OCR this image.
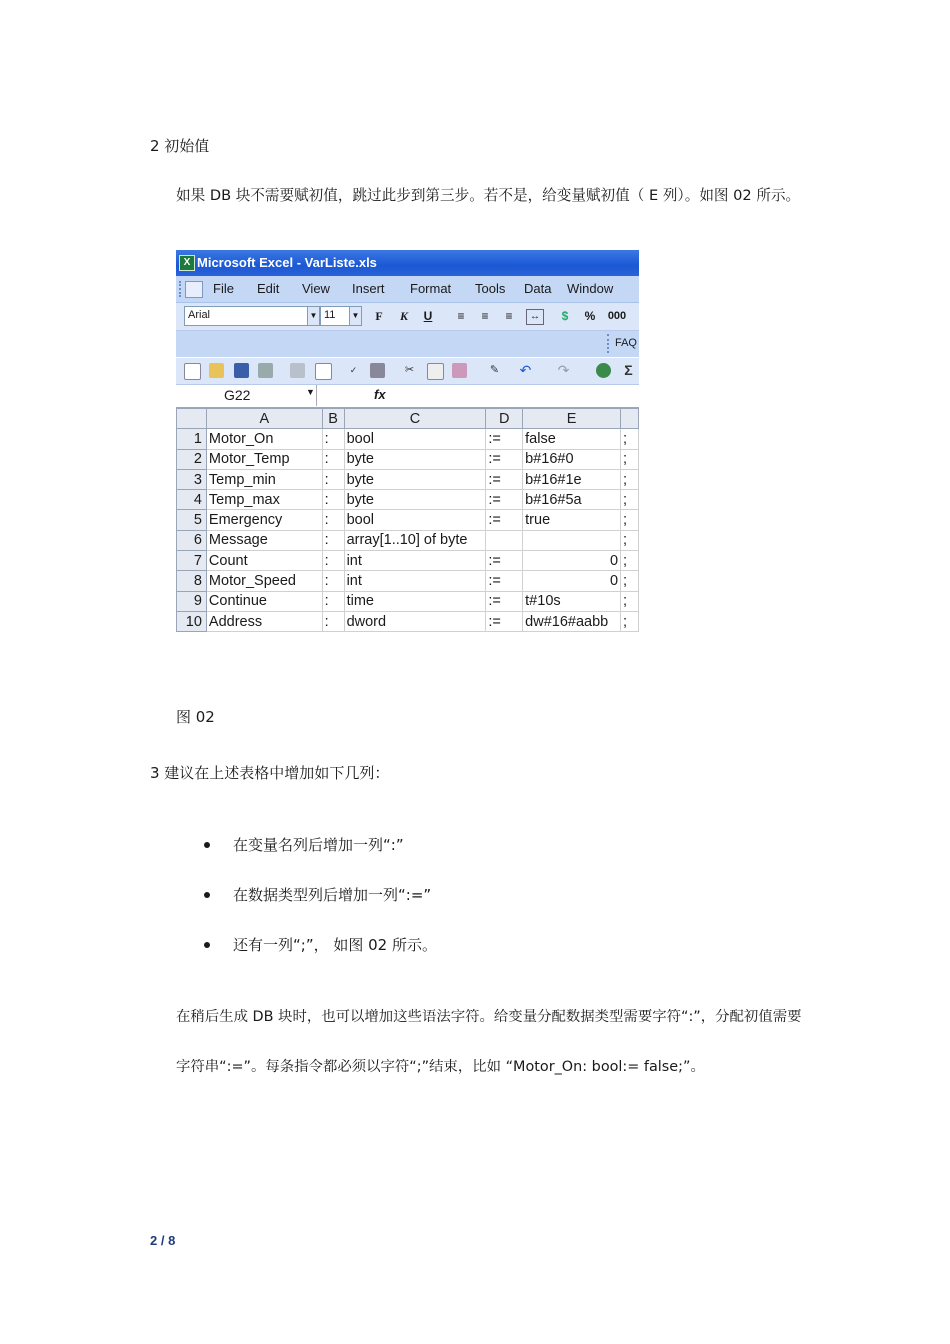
2 初始值
如果 DB 块不需要赋初值，跳过此步到第三步。若不是，给变量赋初值（ E 列）。如图 02 所示。
X Microsoft Excel - VarListe.xls
File Edit View Insert Format Tools Data Window
Arial	▼ 11	▼ F K U	≡	≡	≡	↔	$	% 000
FAQ
✓	✂	✎ ↶ ↷	Σ
G22	▼	fx
	A	B	C	D	E	
1	Motor_On	:	bool	:=	false	;
2	Motor_Temp	:	byte	:=	b#16#0	;
3	Temp_min	:	byte	:=	b#16#1e	;
4	Temp_max	:	byte	:=	b#16#5a	;
5	Emergency	:	bool	:=	true	;
6	Message	:	array[1..10] of byte			;
7	Count	:	int	:=	0	;
8	Motor_Speed	:	int	:=	0	;
9	Continue	:	time	:=	t#10s	;
10	Address	:	dword	:=	dw#16#aabb	;
图 02
3 建议在上述表格中增加如下几列：
在变量名列后增加一列“:”
在数据类型列后增加一列“:=”
还有一列“;”， 如图 02 所示。
在稍后生成 DB 块时，也可以增加这些语法字符。给变量分配数据类型需要字符“:”，分配初值需要
字符串“:=”。每条指令都必须以字符“;”结束，比如 “Motor_On: bool:= false;”。
2 / 8
